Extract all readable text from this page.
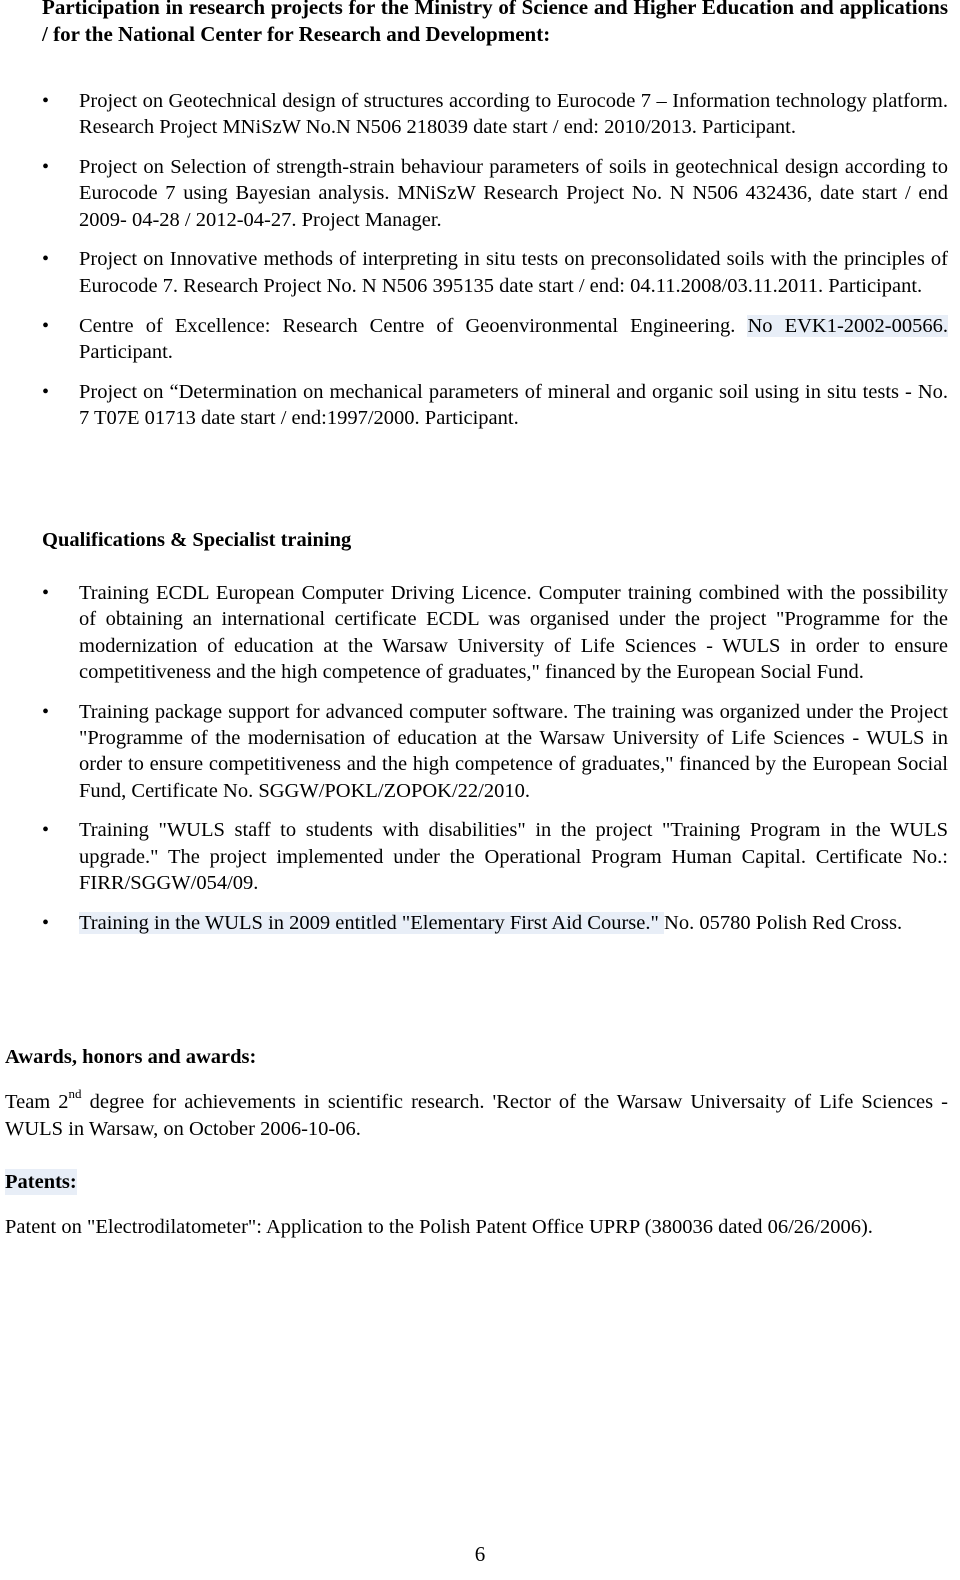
Participation in research projects for the Ministry of Science and Higher Education and applications / for the National Center for Research and Development:
•	Project on Geotechnical design of structures according to Eurocode 7 – Information technology platform. Research Project MNiSzW No.N N506 218039 date start / end: 2010/2013. Participant.
•	Project on Selection of strength-strain behaviour parameters of soils in geotechnical design according to Eurocode 7 using Bayesian analysis. MNiSzW Research Project No. N N506 432436, date start / end 2009- 04-28 / 2012-04-27. Project Manager.
•	Project on Innovative methods of interpreting in situ tests on preconsolidated soils with the principles of Eurocode 7. Research Project No. N N506 395135 date start / end: 04.11.2008/03.11.2011. Participant.
•	Centre of Excellence: Research Centre of Geoenvironmental Engineering. No EVK1-2002-00566. Participant.
•	Project on “Determination on mechanical parameters of mineral and organic soil using in situ tests - No. 7 T07E 01713 date start / end:1997/2000. Participant.
Qualifications & Specialist training
•	Training ECDL European Computer Driving Licence. Computer training combined with the possibility of obtaining an international certificate ECDL was organised under the project "Programme for the modernization of education at the Warsaw University of Life Sciences - WULS in order to ensure competitiveness and the high competence of graduates," financed by the European Social Fund.
•	Training package support for advanced computer software. The training was organized under the Project "Programme of the modernisation of education at the Warsaw University of Life Sciences - WULS in order to ensure competitiveness and the high competence of graduates," financed by the European Social Fund, Certificate No. SGGW/POKL/ZOPOK/22/2010.
•	Training "WULS staff to students with disabilities" in the project "Training Program in the WULS upgrade." The project implemented under the Operational Program Human Capital. Certificate No.: FIRR/SGGW/054/09.
•	Training in the WULS in 2009 entitled "Elementary First Aid Course." No. 05780 Polish Red Cross.
Awards, honors and awards:
Team 2nd degree for achievements in scientific research. 'Rector of the Warsaw Universaity of Life Sciences - WULS in Warsaw, on October 2006-10-06.
Patents:
Patent on "Electrodilatometer": Application to the Polish Patent Office UPRP (380036 dated 06/26/2006).
6
